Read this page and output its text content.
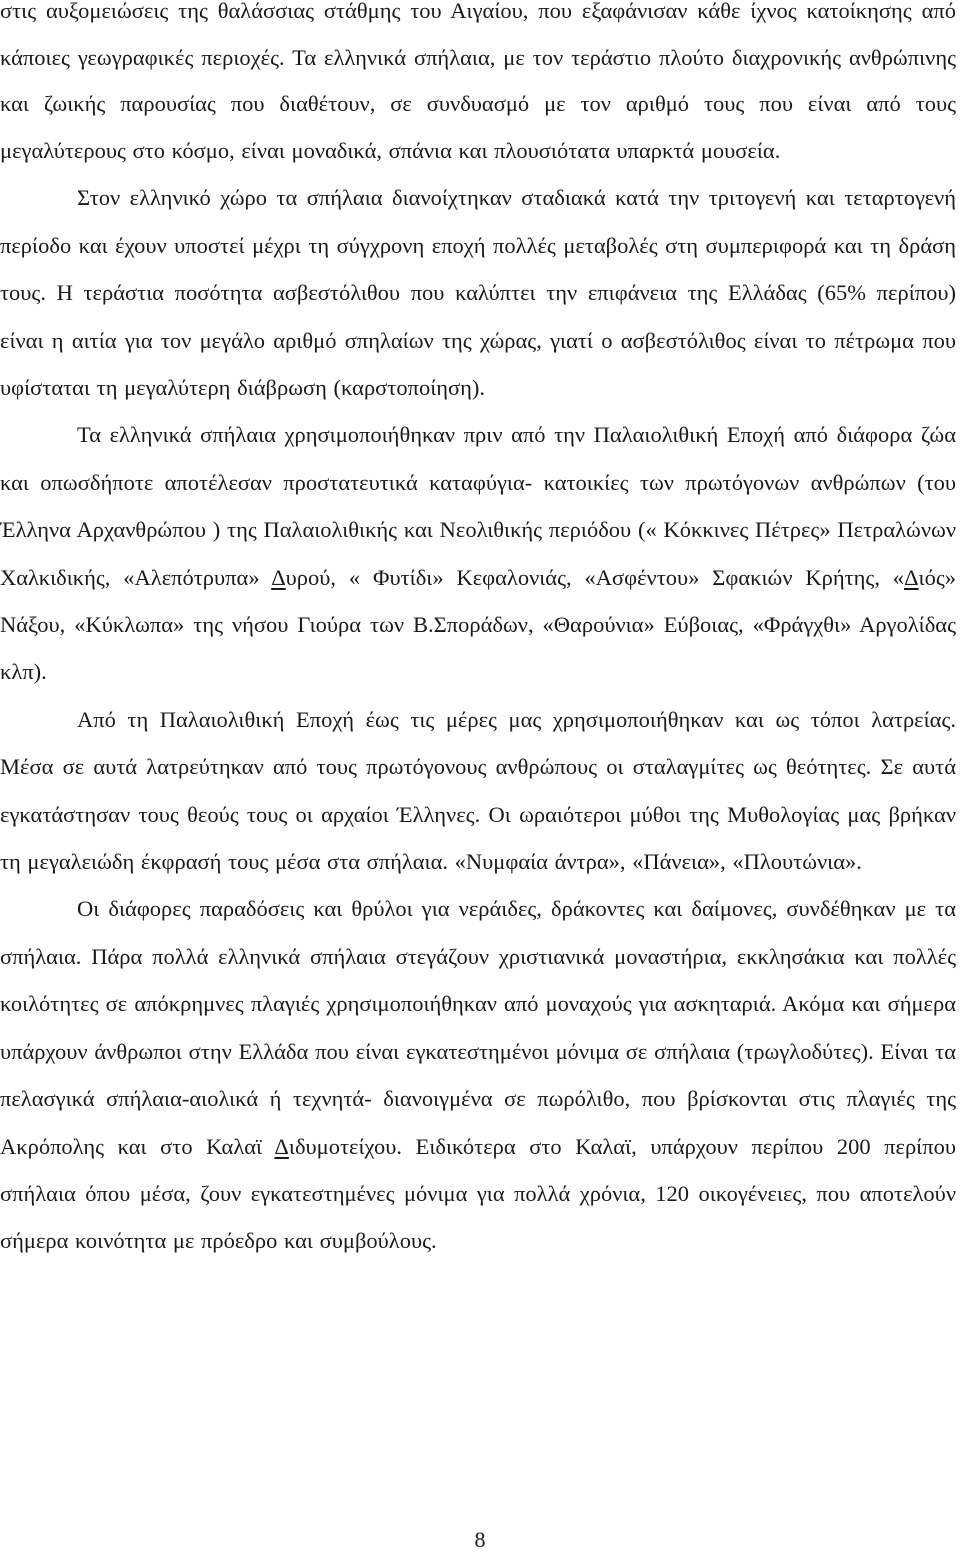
στις αυξομειώσεις της θαλάσσιας στάθμης του Αιγαίου, που εξαφάνισαν κάθε ίχνος κατοίκησης από κάποιες γεωγραφικές περιοχές. Τα ελληνικά σπήλαια, με τον τεράστιο πλούτο διαχρονικής ανθρώπινης και ζωικής παρουσίας που διαθέτουν, σε συνδυασμό με τον αριθμό τους που είναι από τους μεγαλύτερους στο κόσμο, είναι μοναδικά, σπάνια και πλουσιότατα υπαρκτά μουσεία.

Στον ελληνικό χώρο τα σπήλαια διανοίχτηκαν σταδιακά κατά την τριτογενή και τεταρτογενή περίοδο και έχουν υποστεί μέχρι τη σύγχρονη εποχή πολλές μεταβολές στη συμπεριφορά και τη δράση τους. Η τεράστια ποσότητα ασβεστόλιθου που καλύπτει την επιφάνεια της Ελλάδας (65% περίπου) είναι η αιτία για τον μεγάλο αριθμό σπηλαίων της χώρας, γιατί ο ασβεστόλιθος είναι το πέτρωμα που υφίσταται τη μεγαλύτερη διάβρωση (καρστοποίηση).

Τα ελληνικά σπήλαια χρησιμοποιήθηκαν πριν από την Παλαιολιθική Εποχή από διάφορα ζώα και οπωσδήποτε αποτέλεσαν προστατευτικά καταφύγια- κατοικίες των πρωτόγονων ανθρώπων (του Έλληνα Αρχανθρώπου ) της Παλαιολιθικής και Νεολιθικής περιόδου (« Κόκκινες Πέτρες» Πετραλώνων Χαλκιδικής, «Αλεπότρυπα» Δυρού, « Φυτίδι» Κεφαλονιάς, «Ασφέντου» Σφακιών Κρήτης, «Διός» Νάξου, «Κύκλωπα» της νήσου Γιούρα των Β.Σποράδων, «Θαρούνια» Εύβοιας, «Φράγχθι» Αργολίδας κλπ).

Από τη Παλαιολιθική Εποχή έως τις μέρες μας χρησιμοποιήθηκαν και ως τόποι λατρείας. Μέσα σε αυτά λατρεύτηκαν από τους πρωτόγονους ανθρώπους οι σταλαγμίτες ως θεότητες. Σε αυτά εγκατάστησαν τους θεούς τους οι αρχαίοι Έλληνες. Οι ωραιότεροι μύθοι της Μυθολογίας μας βρήκαν τη μεγαλειώδη έκφρασή τους μέσα στα σπήλαια. «Νυμφαία άντρα», «Πάνεια», «Πλουτώνια».

Οι διάφορες παραδόσεις και θρύλοι για νεράιδες, δράκοντες και δαίμονες, συνδέθηκαν με τα σπήλαια. Πάρα πολλά ελληνικά σπήλαια στεγάζουν χριστιανικά μοναστήρια, εκκλησάκια και πολλές κοιλότητες σε απόκρημνες πλαγιές χρησιμοποιήθηκαν από μοναχούς για ασκηταριά. Ακόμα και σήμερα υπάρχουν άνθρωποι στην Ελλάδα που είναι εγκατεστημένοι μόνιμα σε σπήλαια (τρωγλοδύτες). Είναι τα πελασγικά σπήλαια-αιολικά ή τεχνητά- διανοιγμένα σε πωρόλιθο, που βρίσκονται στις πλαγιές της Ακρόπολης και στο Καλαϊ Διδυμοτείχου. Ειδικότερα στο Καλαϊ, υπάρχουν περίπου 200 περίπου σπήλαια όπου μέσα, ζουν εγκατεστημένες μόνιμα για πολλά χρόνια, 120 οικογένειες, που αποτελούν σήμερα κοινότητα με πρόεδρο και συμβούλους.

8
